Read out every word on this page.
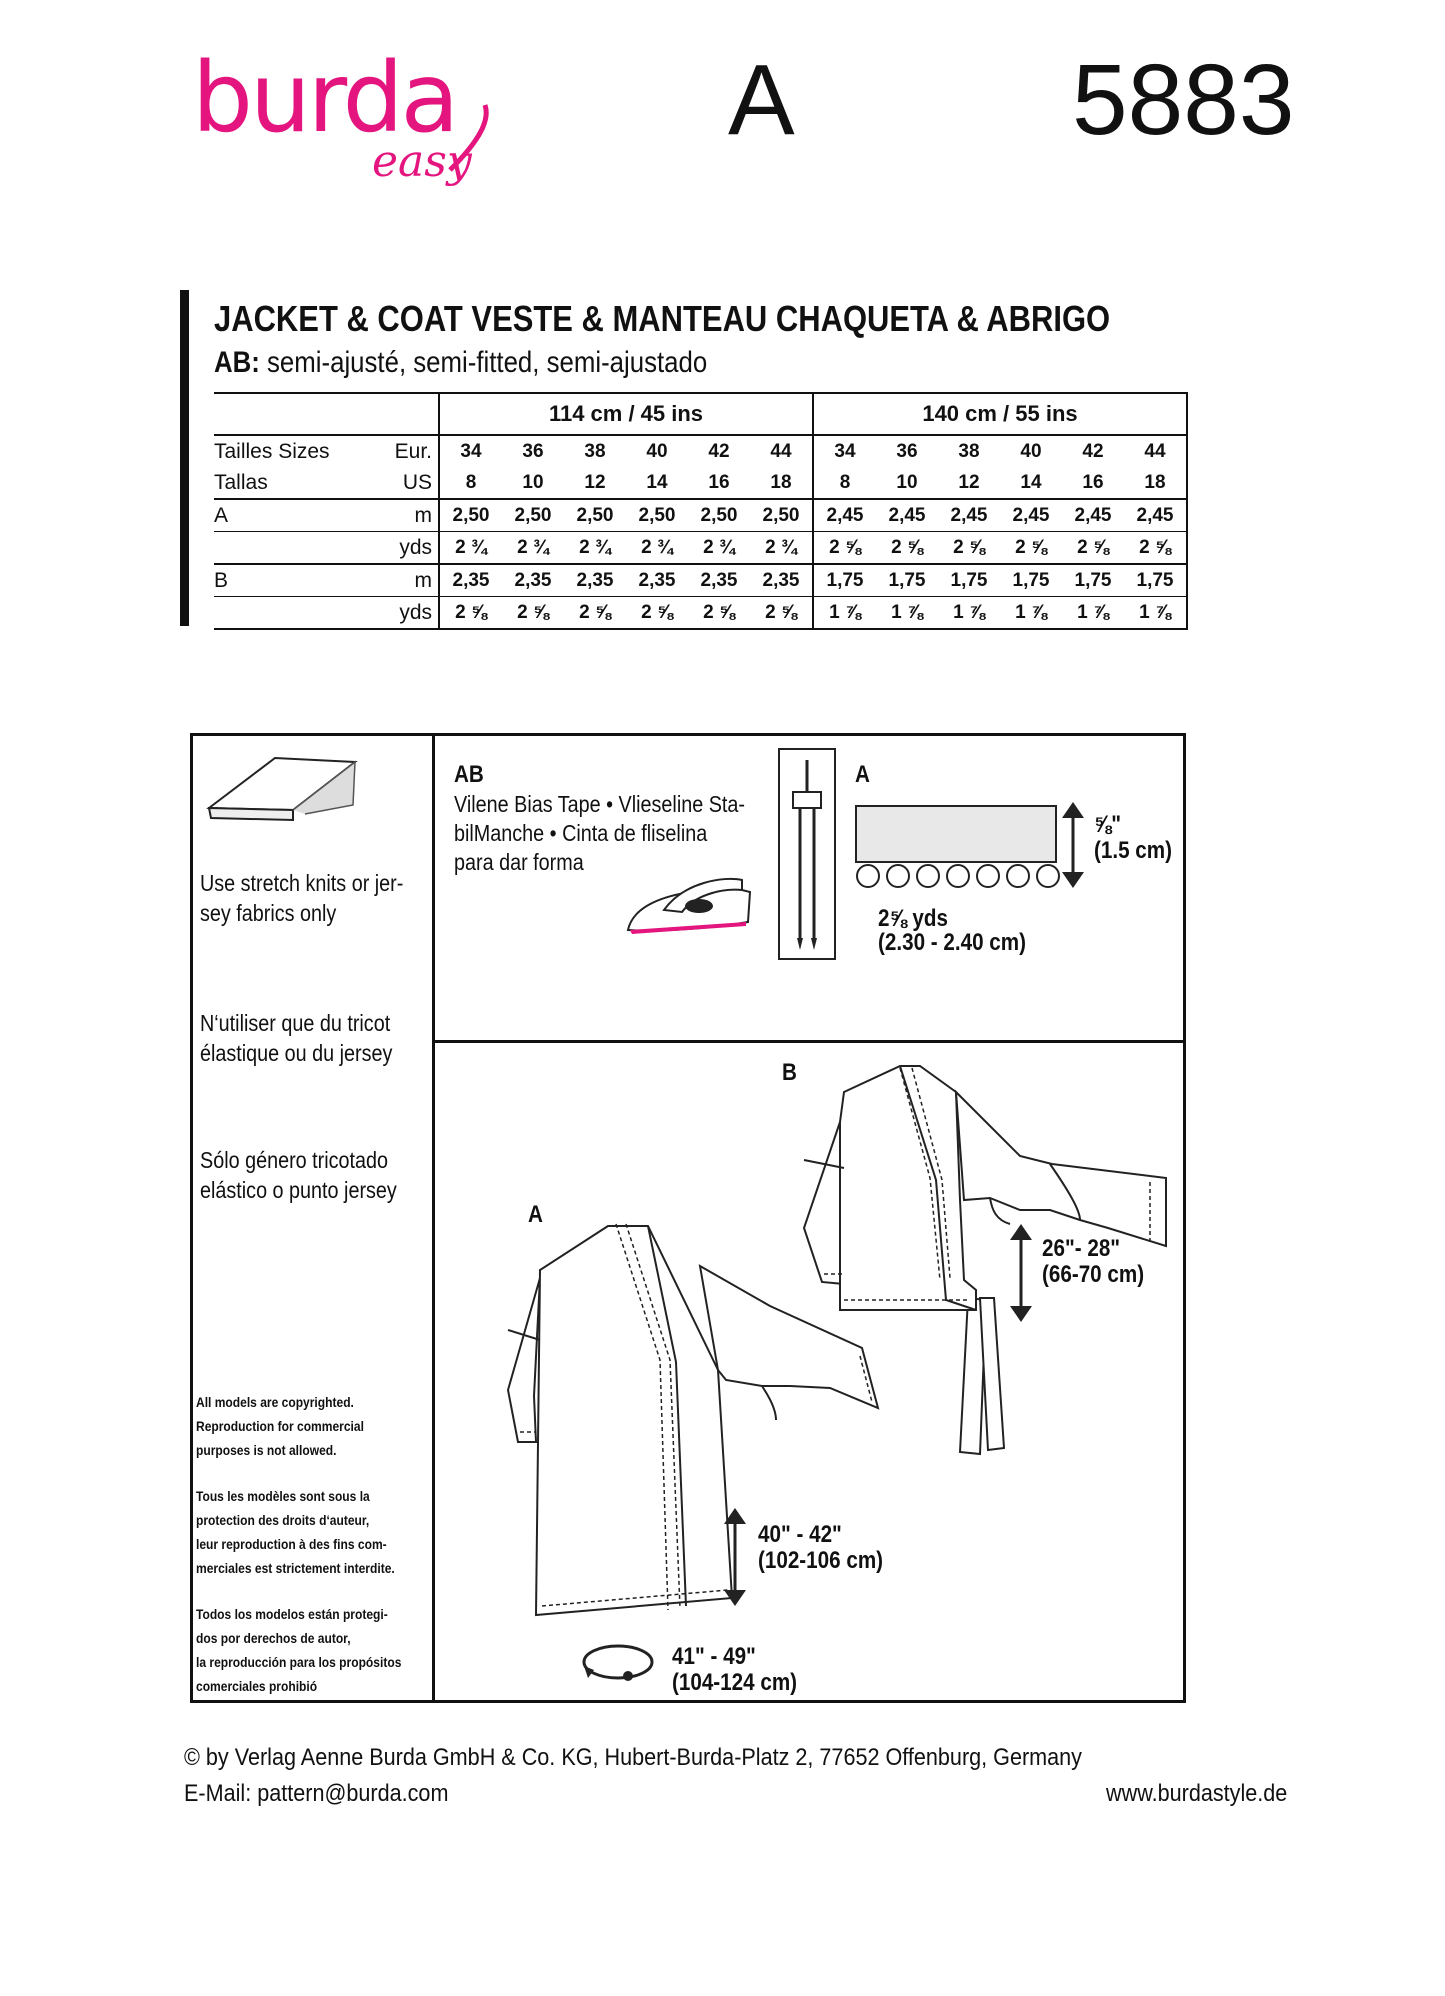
burda
easy
A	5883
JACKET & COAT VESTE & MANTEAU CHAQUETA & ABRIGO
AB: semi-ajusté, semi-fitted, semi-ajustado
		114 cm / 45 ins						140 cm / 55 ins					
Tailles Sizes	Eur.	34	36	38	40	42	44	34	36	38	40	42	44
Tallas	US	8	10	12	14	16	18	8	10	12	14	16	18
A	m	2,50	2,50	2,50	2,50	2,50	2,50	2,45	2,45	2,45	2,45	2,45	2,45
	yds	2 ¾	2 ¾	2 ¾	2 ¾	2 ¾	2 ¾	2 ⅝	2 ⅝	2 ⅝	2 ⅝	2 ⅝	2 ⅝
B	m	2,35	2,35	2,35	2,35	2,35	2,35	1,75	1,75	1,75	1,75	1,75	1,75
	yds	2 ⅝	2 ⅝	2 ⅝	2 ⅝	2 ⅝	2 ⅝	1 ⅞	1 ⅞	1 ⅞	1 ⅞	1 ⅞	1 ⅞
Use stretch knits or jer-
sey fabrics only
N‘utiliser que du tricot
élastique ou du jersey
Sólo género tricotado
elástico o punto jersey
All models are copyrighted.
Reproduction for commercial
purposes is not allowed.
Tous les modèles sont sous la
protection des droits d‘auteur,
leur reproduction à des fins com-
merciales est strictement interdite.
Todos los modelos están protegi-
dos por derechos de autor,
la reproducción para los propósitos
comerciales prohibió
AB
Vilene Bias Tape • Vlieseline Sta-
bilManche • Cinta de fliselina
para dar forma
A
⅝"
(1.5 cm)
2⅝ yds
(2.30 - 2.40 cm)
B
26"- 28"
(66-70 cm)
A
40" - 42"
(102-106 cm)
41" - 49"
(104-124 cm)
© by Verlag Aenne Burda GmbH & Co. KG, Hubert-Burda-Platz 2, 77652 Offenburg, Germany
E-Mail: pattern@burda.com	www.burdastyle.de
